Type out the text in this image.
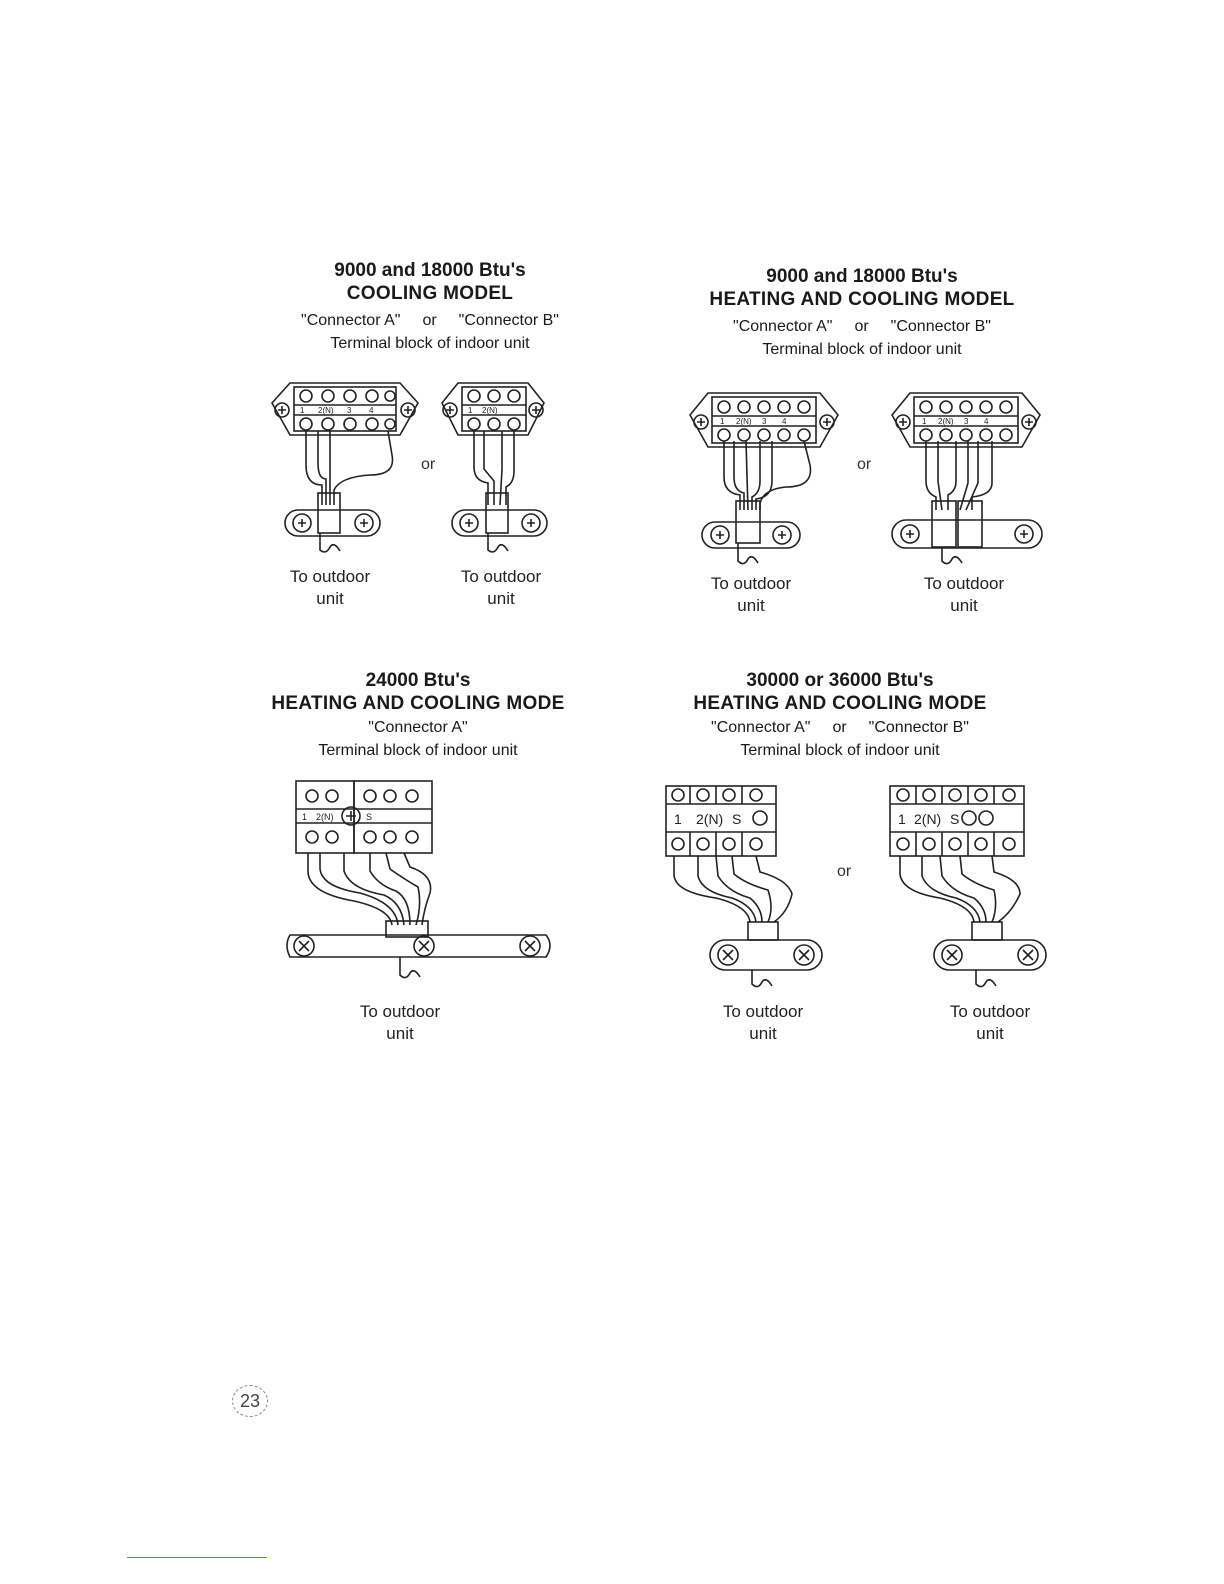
9000 and 18000 Btu's
COOLING MODEL
"Connector A" or "Connector B"
Terminal block of indoor unit
1 2(N) 3 4	1 2(N)
or
To outdoor
unit
To outdoor
unit
9000 and 18000 Btu's
HEATING AND COOLING MODEL
"Connector A" or "Connector B"
Terminal block of indoor unit
1 2(N) 3 4	1 2(N) 3 4
or
To outdoor
unit
To outdoor
unit
24000 Btu's
HEATING AND COOLING MODE
"Connector A"
Terminal block of indoor unit
1 2(N)	S
To outdoor
unit
30000 or 36000 Btu's
HEATING AND COOLING MODE
"Connector A" or "Connector B"
Terminal block of indoor unit
1 2(N) S	1 2(N) S
or
To outdoor
unit
To outdoor
unit
23
